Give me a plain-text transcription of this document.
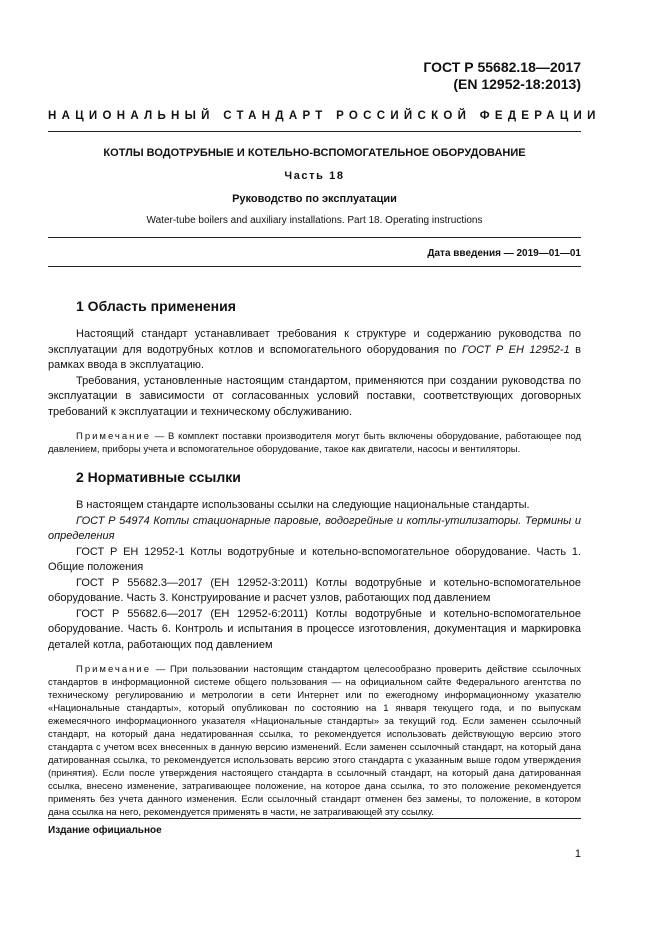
ГОСТ Р 55682.18—2017
(EN 12952-18:2013)
НАЦИОНАЛЬНЫЙ СТАНДАРТ РОССИЙСКОЙ ФЕДЕРАЦИИ
КОТЛЫ ВОДОТРУБНЫЕ И КОТЕЛЬНО-ВСПОМОГАТЕЛЬНОЕ ОБОРУДОВАНИЕ
Часть 18
Руководство по эксплуатации
Water-tube boilers and auxiliary installations. Part 18. Operating instructions
Дата введения — 2019—01—01
1 Область применения

Настоящий стандарт устанавливает требования к структуре и содержанию руководства по эксплуатации для водотрубных котлов и вспомогательного оборудования по ГОСТ Р ЕН 12952-1 в рамках ввода в эксплуатацию.

Требования, установленные настоящим стандартом, применяются при создании руководства по эксплуатации в зависимости от согласованных условий поставки, соответствующих договорных требований к эксплуатации и техническому обслуживанию.

Примечание — В комплект поставки производителя могут быть включены оборудование, работающее под давлением, приборы учета и вспомогательное оборудование, такое как двигатели, насосы и вентиляторы.

2 Нормативные ссылки

В настоящем стандарте использованы ссылки на следующие национальные стандарты.

ГОСТ Р 54974 Котлы стационарные паровые, водогрейные и котлы-утилизаторы. Термины и определения

ГОСТ Р ЕН 12952-1 Котлы водотрубные и котельно-вспомогательное оборудование. Часть 1. Общие положения

ГОСТ Р 55682.3—2017 (ЕН 12952-3:2011) Котлы водотрубные и котельно-вспомогательное оборудование. Часть 3. Конструирование и расчет узлов, работающих под давлением

ГОСТ Р 55682.6—2017 (ЕН 12952-6:2011) Котлы водотрубные и котельно-вспомогательное оборудование. Часть 6. Контроль и испытания в процессе изготовления, документация и маркировка деталей котла, работающих под давлением

Примечание — При пользовании настоящим стандартом целесообразно проверить действие ссылочных стандартов в информационной системе общего пользования — на официальном сайте Федерального агентства по техническому регулированию и метрологии в сети Интернет или по ежегодному информационному указателю «Национальные стандарты», который опубликован по состоянию на 1 января текущего года, и по выпускам ежемесячного информационного указателя «Национальные стандарты» за текущий год. Если заменен ссылочный стандарт, на который дана недатированная ссылка, то рекомендуется использовать действующую версию этого стандарта с учетом всех внесенных в данную версию изменений. Если заменен ссылочный стандарт, на который дана датированная ссылка, то рекомендуется использовать версию этого стандарта с указанным выше годом утверждения (принятия). Если после утверждения настоящего стандарта в ссылочный стандарт, на который дана датированная ссылка, внесено изменение, затрагивающее положение, на которое дана ссылка, то это положение рекомендуется применять без учета данного изменения. Если ссылочный стандарт отменен без замены, то положение, в котором дана ссылка на него, рекомендуется применять в части, не затрагивающей эту ссылку.

Издание официальное
1
